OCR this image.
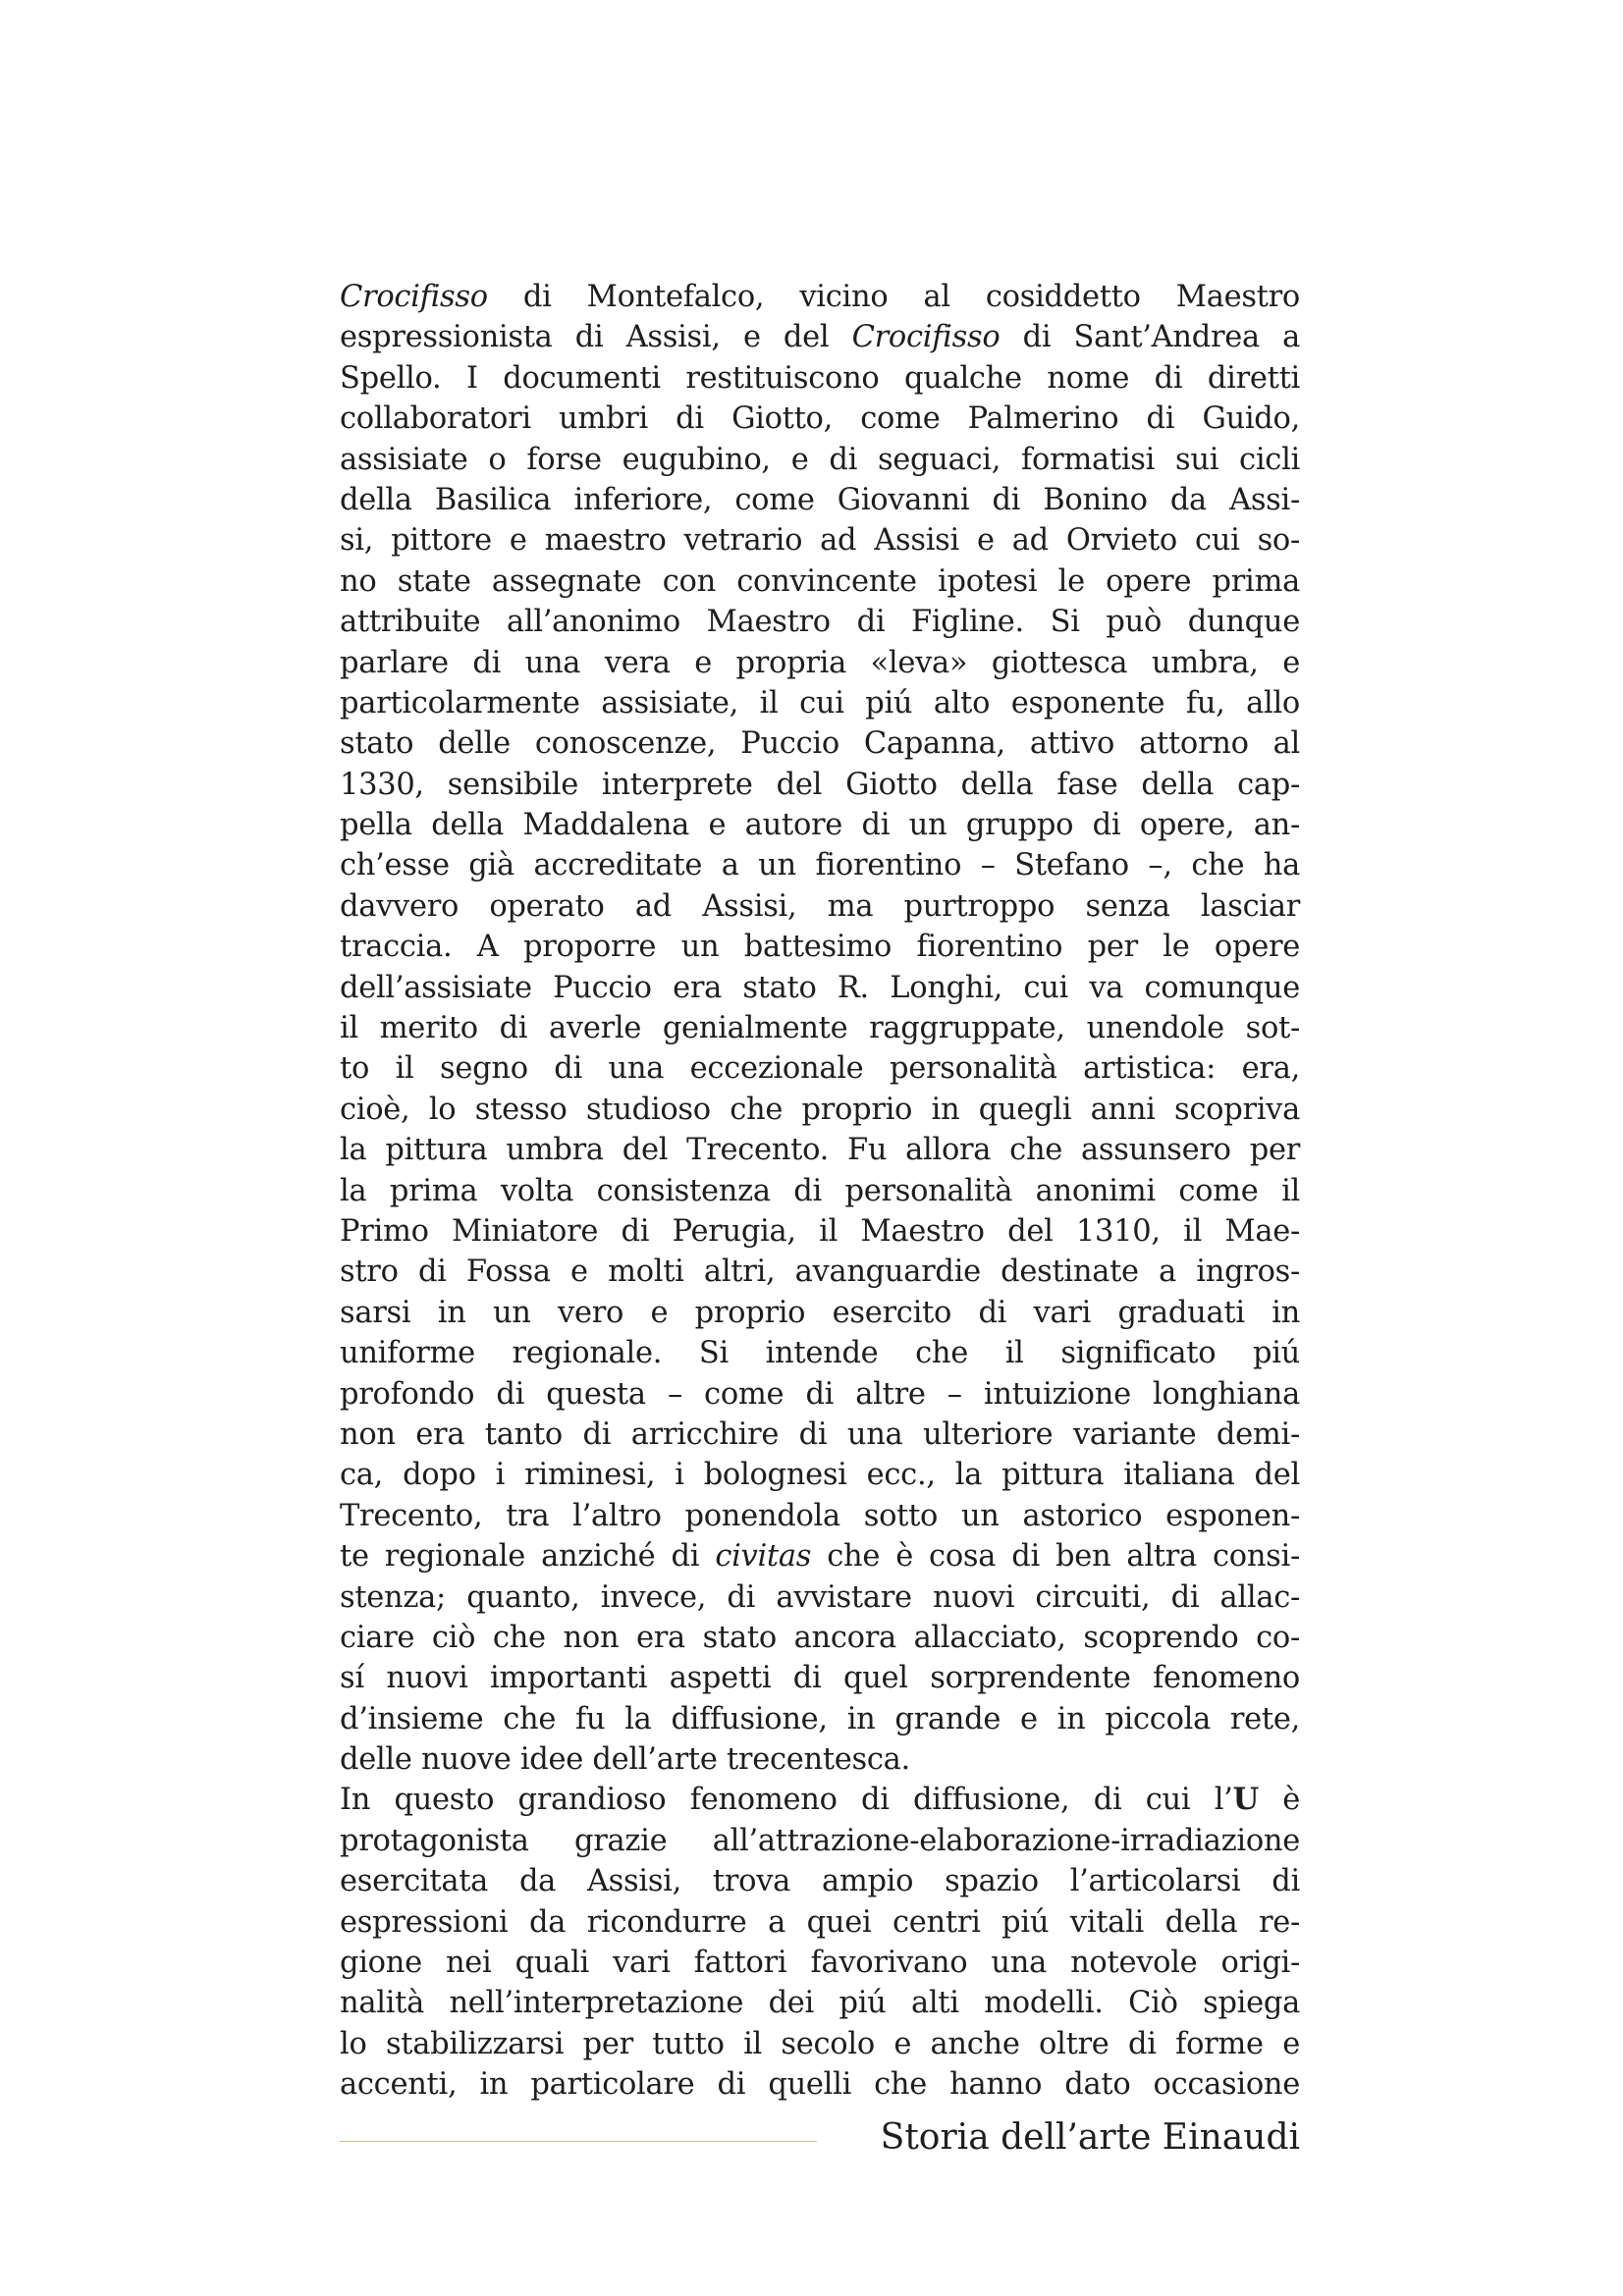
Crocifisso di Montefalco, vicino al cosiddetto Maestro
espressionista di Assisi, e del Crocifisso di Sant’Andrea a
Spello. I documenti restituiscono qualche nome di diretti
collaboratori umbri di Giotto, come Palmerino di Guido,
assisiate o forse eugubino, e di seguaci, formatisi sui cicli
della Basilica inferiore, come Giovanni di Bonino da Assi-
si, pittore e maestro vetrario ad Assisi e ad Orvieto cui so-
no state assegnate con convincente ipotesi le opere prima
attribuite all’anonimo Maestro di Figline. Si può dunque
parlare di una vera e propria «leva» giottesca umbra, e
particolarmente assisiate, il cui piú alto esponente fu, allo
stato delle conoscenze, Puccio Capanna, attivo attorno al
1330, sensibile interprete del Giotto della fase della cap-
pella della Maddalena e autore di un gruppo di opere, an-
ch’esse già accreditate a un fiorentino – Stefano –, che ha
davvero operato ad Assisi, ma purtroppo senza lasciar
traccia. A proporre un battesimo fiorentino per le opere
dell’assisiate Puccio era stato R. Longhi, cui va comunque
il merito di averle genialmente raggruppate, unendole sot-
to il segno di una eccezionale personalità artistica: era,
cioè, lo stesso studioso che proprio in quegli anni scopriva
la pittura umbra del Trecento. Fu allora che assunsero per
la prima volta consistenza di personalità anonimi come il
Primo Miniatore di Perugia, il Maestro del 1310, il Mae-
stro di Fossa e molti altri, avanguardie destinate a ingros-
sarsi in un vero e proprio esercito di vari graduati in
uniforme regionale. Si intende che il significato piú
profondo di questa – come di altre – intuizione longhiana
non era tanto di arricchire di una ulteriore variante demi-
ca, dopo i riminesi, i bolognesi ecc., la pittura italiana del
Trecento, tra l’altro ponendola sotto un astorico esponen-
te regionale anziché di civitas che è cosa di ben altra consi-
stenza; quanto, invece, di avvistare nuovi circuiti, di allac-
ciare ciò che non era stato ancora allacciato, scoprendo co-
sí nuovi importanti aspetti di quel sorprendente fenomeno
d’insieme che fu la diffusione, in grande e in piccola rete,
delle nuove idee dell’arte trecentesca.
In questo grandioso fenomeno di diffusione, di cui l’U è
protagonista grazie all’attrazione-elaborazione-irradiazione
esercitata da Assisi, trova ampio spazio l’articolarsi di
espressioni da ricondurre a quei centri piú vitali della re-
gione nei quali vari fattori favorivano una notevole origi-
nalità nell’interpretazione dei piú alti modelli. Ciò spiega
lo stabilizzarsi per tutto il secolo e anche oltre di forme e
accenti, in particolare di quelli che hanno dato occasione
Storia dell’arte Einaudi
